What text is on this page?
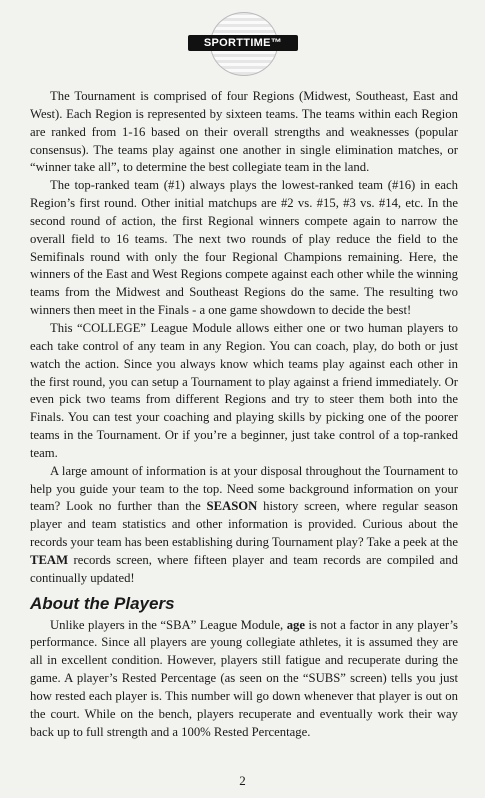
SPORTTIME™

The Tournament is comprised of four Regions (Midwest, Southeast, East and West). Each Region is represented by sixteen teams. The teams within each Region are ranked from 1-16 based on their overall strengths and weaknesses (popular consensus). The teams play against one another in single elimination matches, or “winner take all”, to determine the best collegiate team in the land.

The top-ranked team (#1) always plays the lowest-ranked team (#16) in each Region’s first round. Other initial matchups are #2 vs. #15, #3 vs. #14, etc. In the second round of action, the first Regional winners compete again to narrow the overall field to 16 teams. The next two rounds of play reduce the field to the Semifinals round with only the four Regional Champions remaining. Here, the winners of the East and West Regions compete against each other while the winning teams from the Midwest and Southeast Regions do the same. The resulting two winners then meet in the Finals - a one game showdown to decide the best!

This “COLLEGE” League Module allows either one or two human players to each take control of any team in any Region. You can coach, play, do both or just watch the action. Since you always know which teams play against each other in the first round, you can setup a Tournament to play against a friend immediately. Or even pick two teams from different Regions and try to steer them both into the Finals. You can test your coaching and playing skills by picking one of the poorer teams in the Tournament. Or if you’re a beginner, just take control of a top-ranked team.

A large amount of information is at your disposal throughout the Tournament to help you guide your team to the top. Need some background information on your team? Look no further than the SEASON history screen, where regular season player and team statistics and other information is provided. Curious about the records your team has been establishing during Tournament play? Take a peek at the TEAM records screen, where fifteen player and team records are compiled and continually updated!

About the Players

Unlike players in the “SBA” League Module, age is not a factor in any player’s performance. Since all players are young collegiate athletes, it is assumed they are all in excellent condition. However, players still fatigue and recuperate during the game. A player’s Rested Percentage (as seen on the “SUBS” screen) tells you just how rested each player is. This number will go down whenever that player is out on the court. While on the bench, players recuperate and eventually work their way back up to full strength and a 100% Rested Percentage.

2
